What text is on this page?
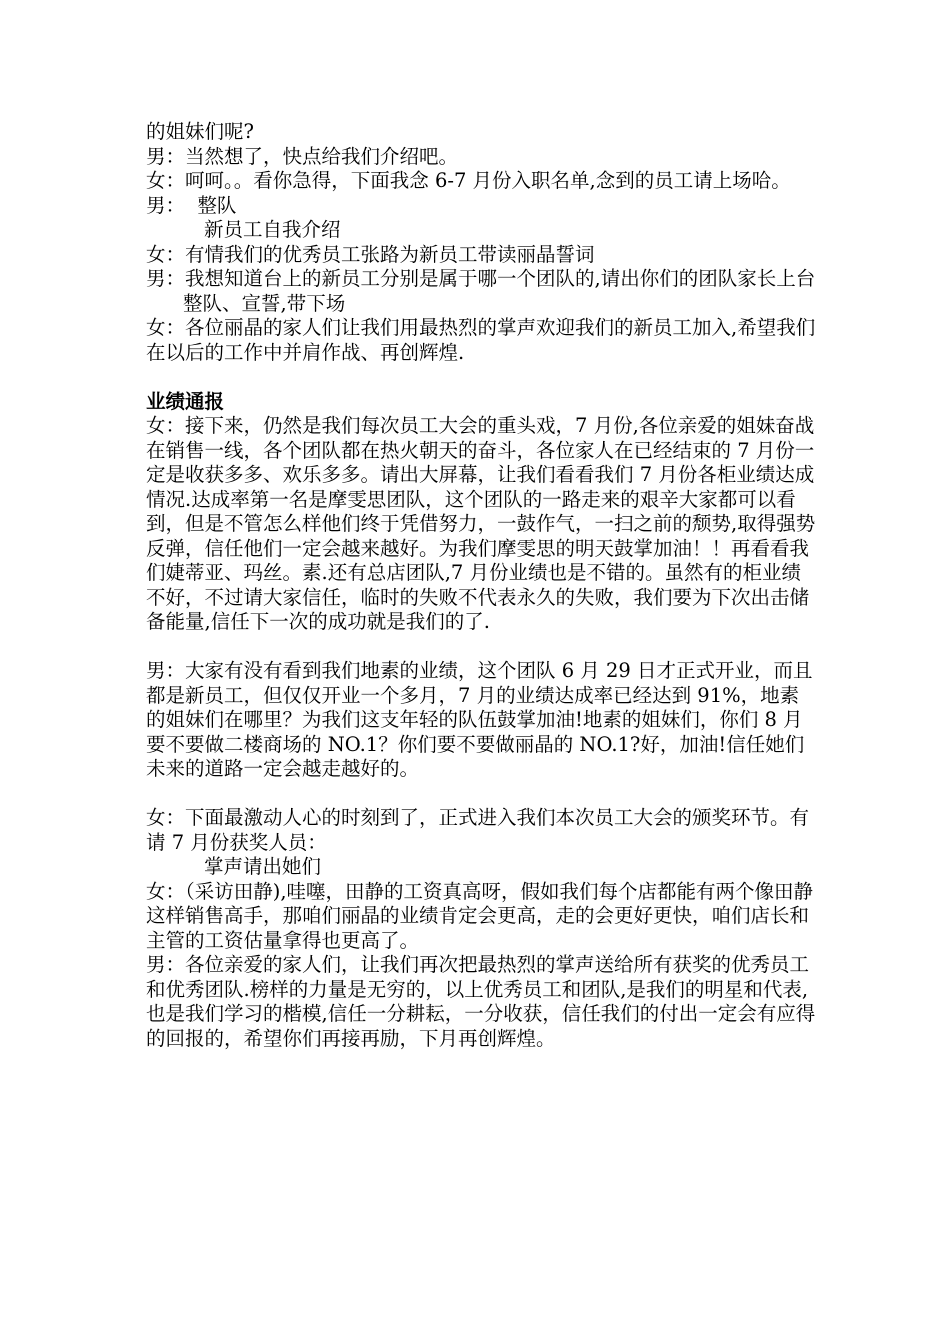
的姐妹们呢?

男：当然想了，快点给我们介绍吧。

女：呵呵。。看你急得，下面我念 6-7 月份入职名单,念到的员工请上场哈。

男：  整队

新员工自我介绍

女：有情我们的优秀员工张路为新员工带读丽晶誓词

男：我想知道台上的新员工分别是属于哪一个团队的,请出你们的团队家长上台

整队、宣誓,带下场

女：各位丽晶的家人们让我们用最热烈的掌声欢迎我们的新员工加入,希望我们在以后的工作中并肩作战、再创辉煌.

业绩通报

女：接下来，仍然是我们每次员工大会的重头戏，7 月份,各位亲爱的姐妹奋战在销售一线，各个团队都在热火朝天的奋斗，各位家人在已经结束的 7 月份一定是收获多多、欢乐多多。请出大屏幕，让我们看看我们 7 月份各柜业绩达成情况.达成率第一名是摩雯思团队，这个团队的一路走来的艰辛大家都可以看到，但是不管怎么样他们终于凭借努力，一鼓作气，一扫之前的颓势,取得强势反弹，信任他们一定会越来越好。为我们摩雯思的明天鼓掌加油！！再看看我们婕蒂亚、玛丝。素.还有总店团队,7 月份业绩也是不错的。虽然有的柜业绩不好，不过请大家信任，临时的失败不代表永久的失败，我们要为下次出击储备能量,信任下一次的成功就是我们的了.

男：大家有没有看到我们地素的业绩，这个团队 6 月 29 日才正式开业，而且都是新员工，但仅仅开业一个多月，7 月的业绩达成率已经达到 91%，地素的姐妹们在哪里？为我们这支年轻的队伍鼓掌加油!地素的姐妹们，你们 8 月要不要做二楼商场的 NO.1？你们要不要做丽晶的 NO.1?好，加油!信任她们未来的道路一定会越走越好的。

女：下面最激动人心的时刻到了，正式进入我们本次员工大会的颁奖环节。有请 7 月份获奖人员：

掌声请出她们

女：（采访田静),哇噻，田静的工资真高呀，假如我们每个店都能有两个像田静这样销售高手，那咱们丽晶的业绩肯定会更高，走的会更好更快，咱们店长和主管的工资估量拿得也更高了。

男：各位亲爱的家人们，让我们再次把最热烈的掌声送给所有获奖的优秀员工和优秀团队.榜样的力量是无穷的，以上优秀员工和团队,是我们的明星和代表,也是我们学习的楷模,信任一分耕耘，一分收获，信任我们的付出一定会有应得的回报的，希望你们再接再励，下月再创辉煌。
